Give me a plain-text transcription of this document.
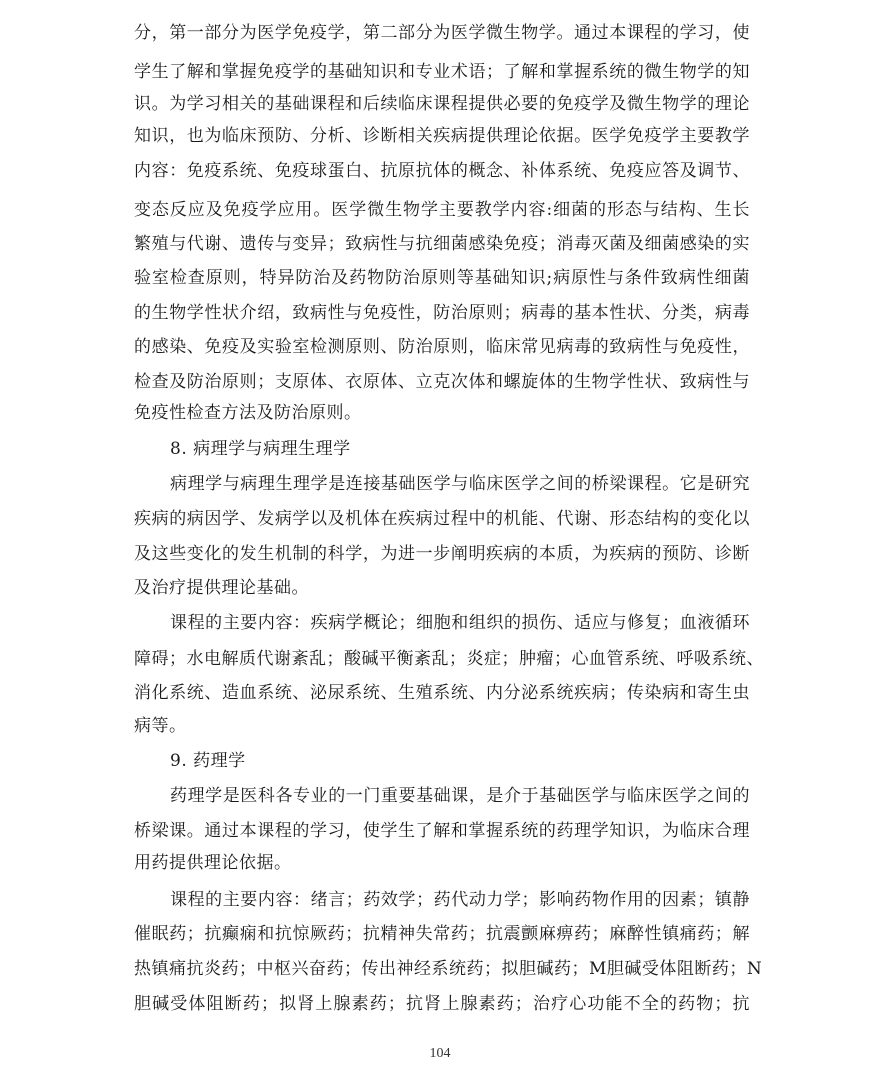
分，第一部分为医学免疫学，第二部分为医学微生物学。通过本课程的学习，使
学生了解和掌握免疫学的基础知识和专业术语；了解和掌握系统的微生物学的知
识。为学习相关的基础课程和后续临床课程提供必要的免疫学及微生物学的理论
知识，也为临床预防、分析、诊断相关疾病提供理论依据。医学免疫学主要教学
内容：免疫系统、免疫球蛋白、抗原抗体的概念、补体系统、免疫应答及调节、
变态反应及免疫学应用。医学微生物学主要教学内容:细菌的形态与结构、生长
繁殖与代谢、遗传与变异；致病性与抗细菌感染免疫；消毒灭菌及细菌感染的实
验室检查原则，特异防治及药物防治原则等基础知识;病原性与条件致病性细菌
的生物学性状介绍，致病性与免疫性，防治原则；病毒的基本性状、分类，病毒
的感染、免疫及实验室检测原则、防治原则，临床常见病毒的致病性与免疫性，
检查及防治原则；支原体、衣原体、立克次体和螺旋体的生物学性状、致病性与
免疫性检查方法及防治原则。
8. 病理学与病理生理学
病理学与病理生理学是连接基础医学与临床医学之间的桥梁课程。它是研究
疾病的病因学、发病学以及机体在疾病过程中的机能、代谢、形态结构的变化以
及这些变化的发生机制的科学，为进一步阐明疾病的本质，为疾病的预防、诊断
及治疗提供理论基础。
课程的主要内容：疾病学概论；细胞和组织的损伤、适应与修复；血液循环
障碍；水电解质代谢紊乱；酸碱平衡紊乱；炎症；肿瘤；心血管系统、呼吸系统、
消化系统、造血系统、泌尿系统、生殖系统、内分泌系统疾病；传染病和寄生虫
病等。
9. 药理学
药理学是医科各专业的一门重要基础课，是介于基础医学与临床医学之间的
桥梁课。通过本课程的学习，使学生了解和掌握系统的药理学知识，为临床合理
用药提供理论依据。
课程的主要内容：绪言；药效学；药代动力学；影响药物作用的因素；镇静
催眠药；抗癫痫和抗惊厥药；抗精神失常药；抗震颤麻痹药；麻醉性镇痛药；解
热镇痛抗炎药；中枢兴奋药；传出神经系统药；拟胆碱药；M胆碱受体阻断药；N
胆碱受体阻断药；拟肾上腺素药；抗肾上腺素药；治疗心功能不全的药物；抗
104
